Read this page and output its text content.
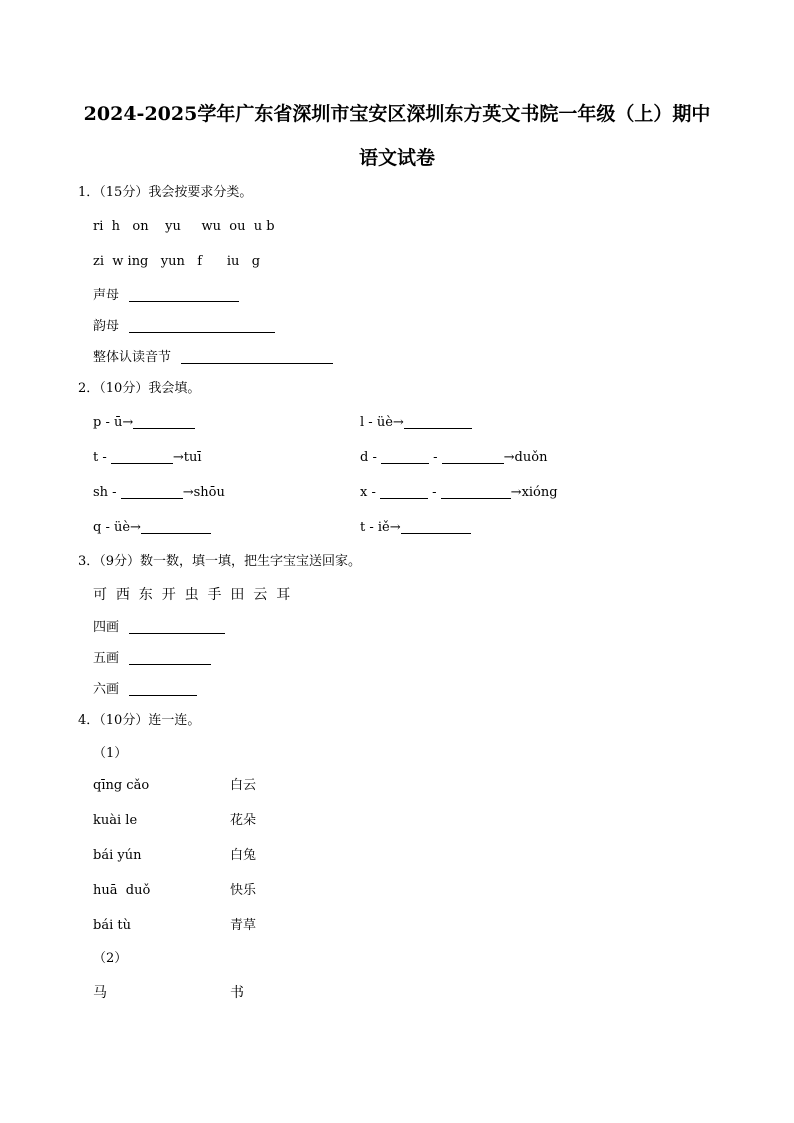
2024-2025学年广东省深圳市宝安区深圳东方英文书院一年级（上）期中
语文试卷
1．（15分）我会按要求分类。
ri  h   on    yu     wu  ou  u b
zi  w ing   yun   f      iu   g
声母
韵母
整体认读音节
2．（10分）我会填。
p - ū→	l - üè→
t -	→tuī	d -	-	→duǒn
sh -	→shōu	x -	-	→xióng
q - üè→	t - iě→
3．（9分）数一数，填一填，把生字宝宝送回家。
可  西  东  开  虫  手  田  云  耳
四画
五画
六画
4．（10分）连一连。
（1）
qīng cǎo	白云
kuài le	花朵
bái yún	白兔
huā  duǒ	快乐
bái tù	青草
（2）
马	书
